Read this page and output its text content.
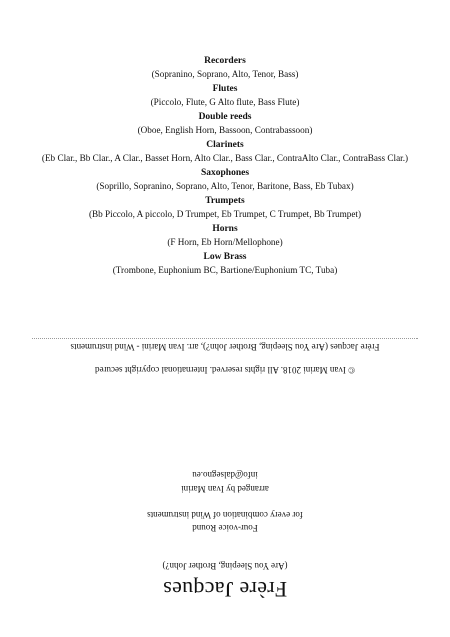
Recorders
(Sopranino, Soprano, Alto, Tenor, Bass)
Flutes
(Piccolo, Flute, G Alto flute, Bass Flute)
Double reeds
(Oboe, English Horn, Bassoon, Contrabassoon)
Clarinets
(Eb Clar., Bb Clar., A Clar., Basset Horn, Alto Clar., Bass Clar., ContraAlto Clar., ContraBass Clar.)
Saxophones
(Soprillo, Sopranino, Soprano, Alto, Tenor, Baritone, Bass, Eb Tubax)
Trumpets
(Bb Piccolo, A piccolo, D Trumpet, Eb Trumpet, C Trumpet, Bb Trumpet)
Horns
(F Horn, Eb Horn/Mellophone)
Low Brass
(Trombone, Euphonium BC, Bartione/Euphonium TC, Tuba)
Frère Jacques
(Are You Sleeping, Brother John?)
Four-voice Round
for every combination of Wind instruments
arranged by Ivan Marini
info@dalsegno.eu
© Ivan Marini 2018. All rights reserved. International copyright secured
Frère Jacques (Are You Sleeping, Brother John?), arr. Ivan Marini - Wind instruments
